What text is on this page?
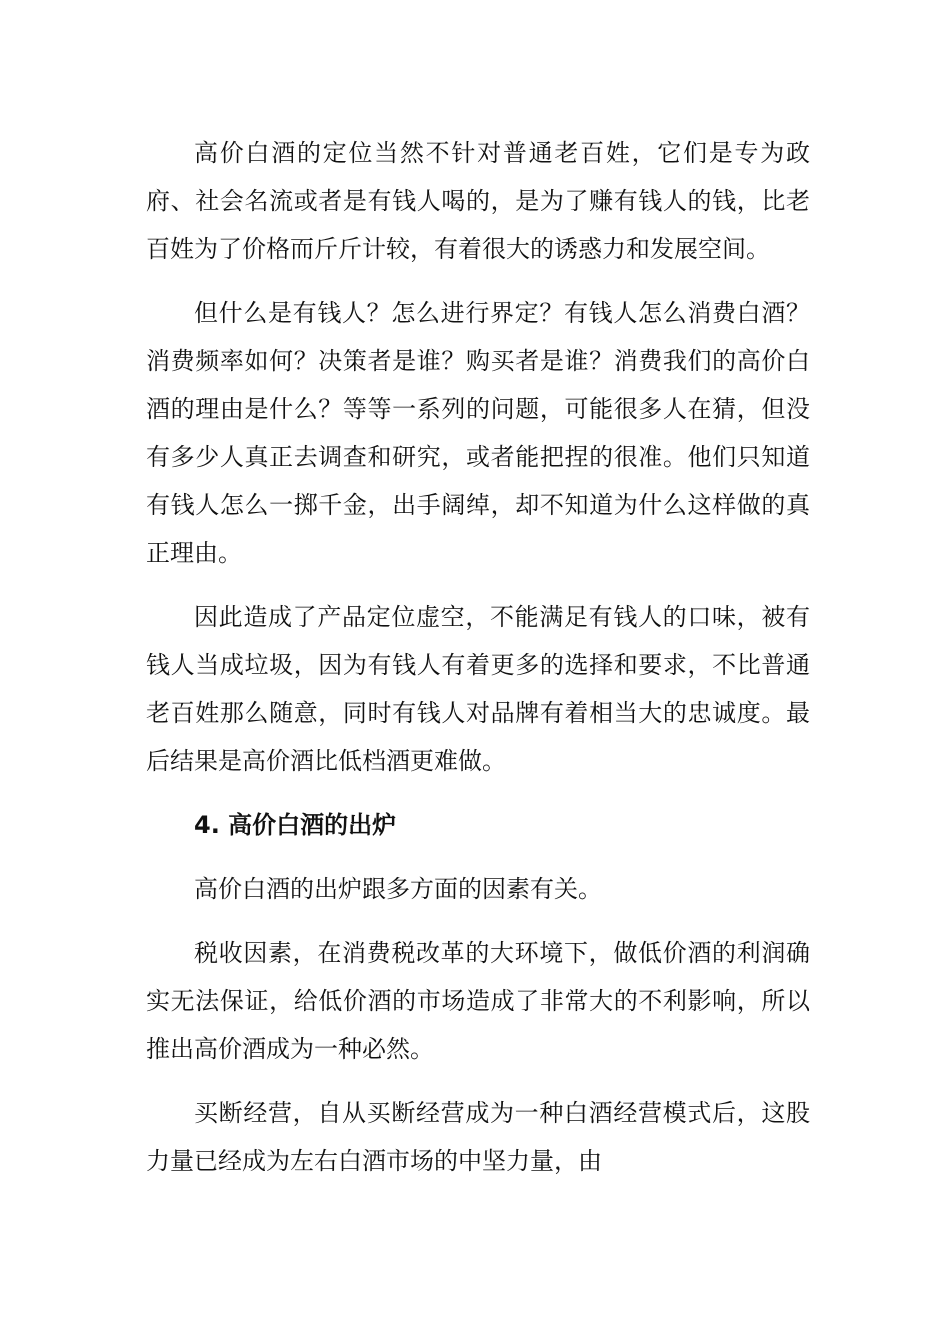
高价白酒的定位当然不针对普通老百姓，它们是专为政府、社会名流或者是有钱人喝的，是为了赚有钱人的钱，比老百姓为了价格而斤斤计较，有着很大的诱惑力和发展空间。

但什么是有钱人？怎么进行界定？有钱人怎么消费白酒？消费频率如何？决策者是谁？购买者是谁？消费我们的高价白酒的理由是什么？等等一系列的问题，可能很多人在猜，但没有多少人真正去调查和研究，或者能把捏的很准。他们只知道有钱人怎么一掷千金，出手阔绰，却不知道为什么这样做的真正理由。

因此造成了产品定位虚空，不能满足有钱人的口味，被有钱人当成垃圾，因为有钱人有着更多的选择和要求，不比普通老百姓那么随意，同时有钱人对品牌有着相当大的忠诚度。最后结果是高价酒比低档酒更难做。

4. 高价白酒的出炉

高价白酒的出炉跟多方面的因素有关。

税收因素，在消费税改革的大环境下，做低价酒的利润确实无法保证，给低价酒的市场造成了非常大的不利影响，所以推出高价酒成为一种必然。

买断经营，自从买断经营成为一种白酒经营模式后，这股力量已经成为左右白酒市场的中坚力量，由
